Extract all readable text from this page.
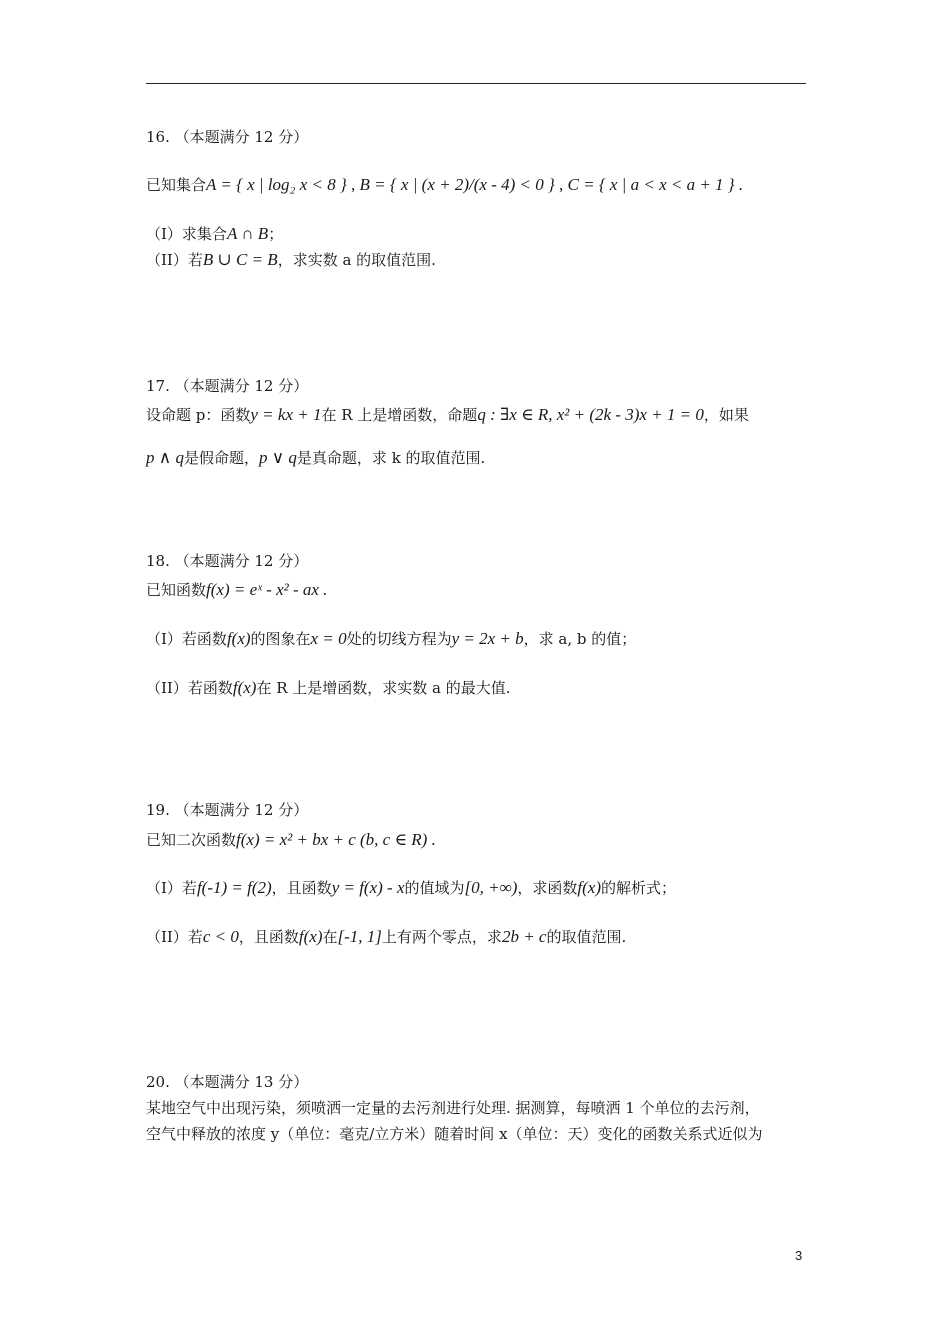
16. （本题满分 12 分）
已知集合A = { x | log₂ x < 8 } , B = { x | (x + 2)/(x - 4) < 0 } , C = { x | a < x < a + 1 } .
（I）求集合A ∩ B；
（II）若B ∪ C = B，求实数 a 的取值范围.
17. （本题满分 12 分）
设命题 p：函数y = kx + 1在 R 上是增函数，命题q : ∃x ∈ R, x² + (2k - 3)x + 1 = 0，如果
p ∧ q是假命题，p ∨ q是真命题，求 k 的取值范围.
18. （本题满分 12 分）
已知函数f(x) = eˣ - x² - ax .
（I）若函数f(x)的图象在x = 0处的切线方程为y = 2x + b，求 a, b 的值；
（II）若函数f(x)在 R 上是增函数，求实数 a 的最大值.
19. （本题满分 12 分）
已知二次函数f(x) = x² + bx + c (b, c ∈ R) .
（I）若f(-1) = f(2)，且函数y = f(x) - x的值域为[0, +∞)，求函数f(x)的解析式；
（II）若c < 0，且函数f(x)在[-1, 1]上有两个零点，求2b + c的取值范围.
20. （本题满分 13 分）
某地空气中出现污染，须喷洒一定量的去污剂进行处理. 据测算，每喷洒 1 个单位的去污剂，
空气中释放的浓度 y（单位：毫克/立方米）随着时间 x（单位：天）变化的函数关系式近似为
3
